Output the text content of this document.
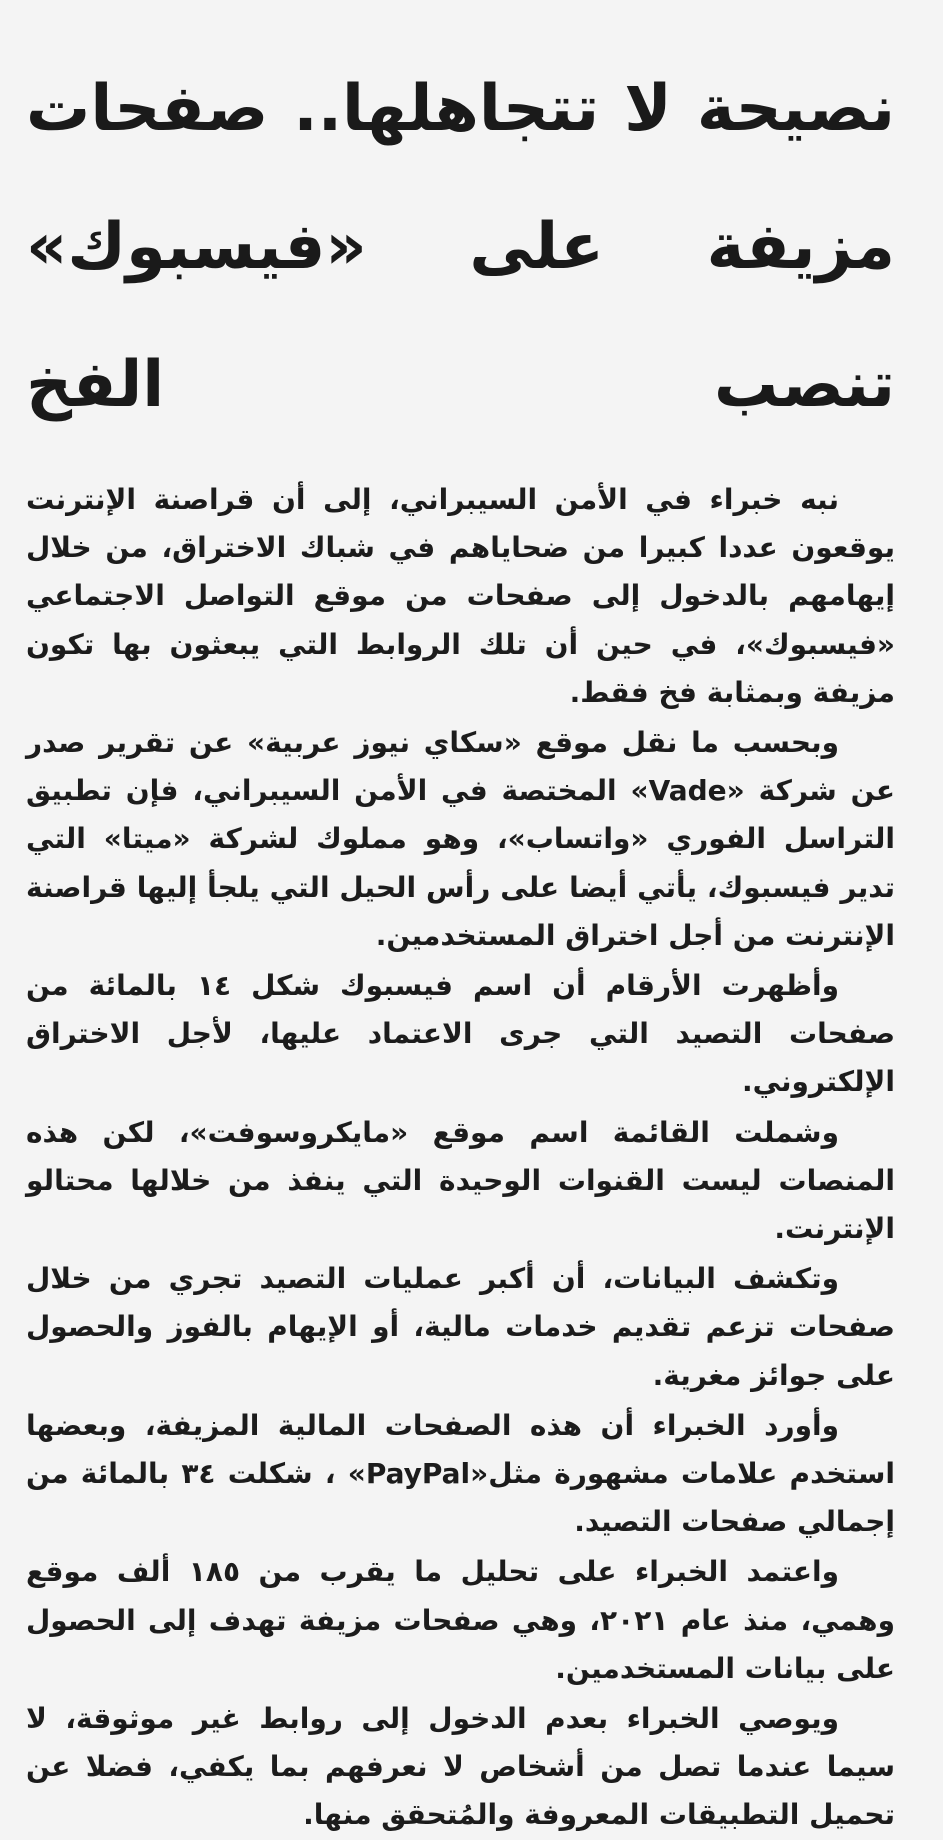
نصيحة لا تتجاهلها.. صفحات
مزيفة على «فيسبوك» تنصب الفخ

نبه خبراء في الأمن السيبراني، إلى أن قراصنة الإنترنت يوقعون عددا كبيرا من ضحاياهم في شباك الاختراق، من خلال إيهامهم بالدخول إلى صفحات من موقع التواصل الاجتماعي «فيسبوك»، في حين أن تلك الروابط التي يبعثون بها تكون مزيفة وبمثابة فخ فقط.

وبحسب ما نقل موقع «سكاي نيوز عربية» عن تقرير صدر عن شركة «Vade» المختصة في الأمن السيبراني، فإن تطبيق التراسل الفوري «واتساب»، وهو مملوك لشركة «ميتا» التي تدير فيسبوك، يأتي أيضا على رأس الحيل التي يلجأ إليها قراصنة الإنترنت من أجل اختراق المستخدمين.

وأظهرت الأرقام أن اسم فيسبوك شكل ١٤ بالمائة من صفحات التصيد التي جرى الاعتماد عليها، لأجل الاختراق الإلكتروني.

وشملت القائمة اسم موقع «مايكروسوفت»، لكن هذه المنصات ليست القنوات الوحيدة التي ينفذ من خلالها محتالو الإنترنت.

وتكشف البيانات، أن أكبر عمليات التصيد تجري من خلال صفحات تزعم تقديم خدمات مالية، أو الإيهام بالفوز والحصول على جوائز مغرية.

وأورد الخبراء أن هذه الصفحات المالية المزيفة، وبعضها استخدم علامات مشهورة مثل«PayPal» ، شكلت ٣٤ بالمائة من إجمالي صفحات التصيد.

واعتمد الخبراء على تحليل ما يقرب من ١٨٥ ألف موقع وهمي، منذ عام ٢٠٢١، وهي صفحات مزيفة تهدف إلى الحصول على بيانات المستخدمين.

ويوصي الخبراء بعدم الدخول إلى روابط غير موثوقة، لا سيما عندما تصل من أشخاص لا نعرفهم بما يكفي، فضلا عن تحميل التطبيقات المعروفة والمُتحقق منها.
